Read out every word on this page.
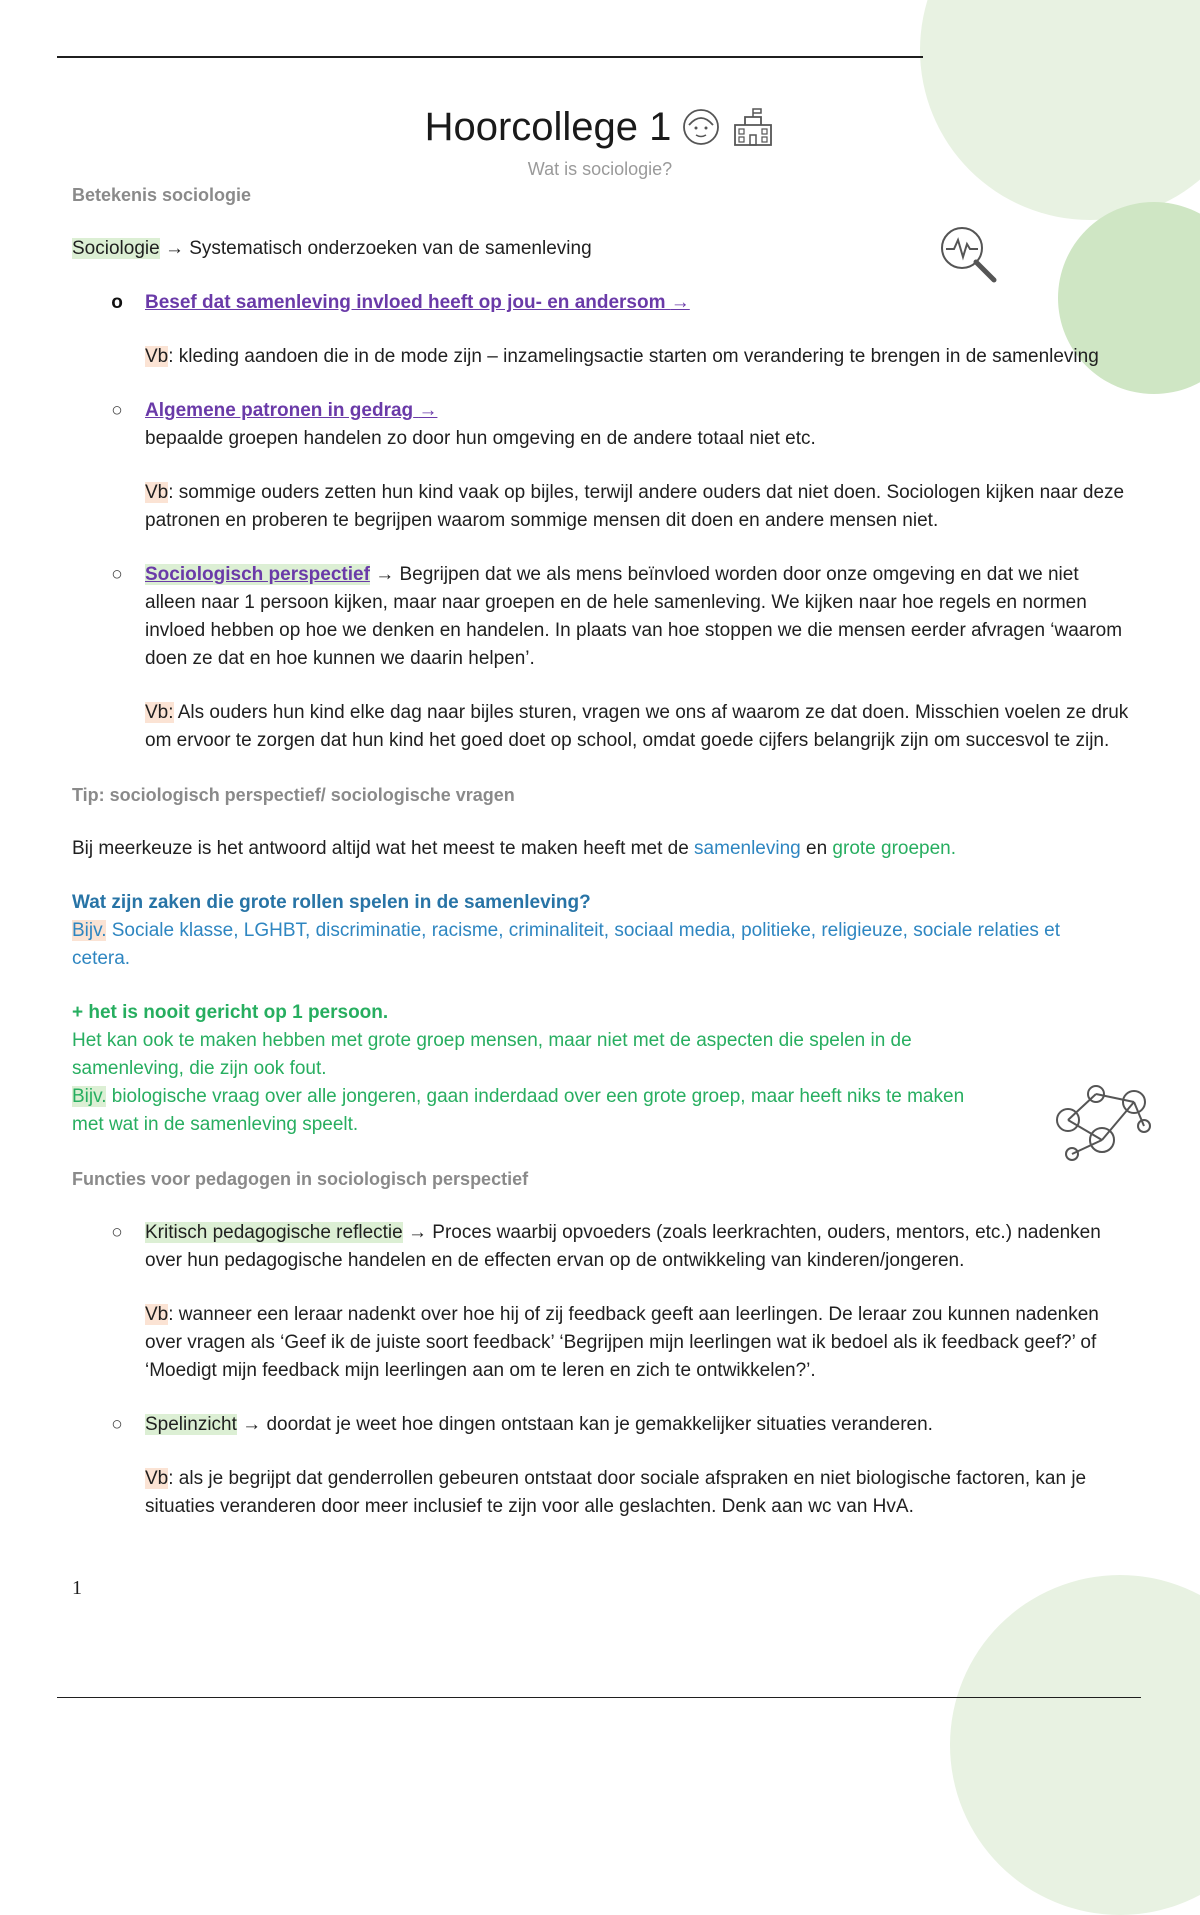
Hoorcollege 1
Wat is sociologie?

Betekenis sociologie

Sociologie → Systematisch onderzoeken van de samenleving

o Besef dat samenleving invloed heeft op jou- en andersom →

Vb: kleding aandoen die in de mode zijn – inzamelingsactie starten om verandering te brengen in de samenleving

○ Algemene patronen in gedrag →
bepaalde groepen handelen zo door hun omgeving en de andere totaal niet etc.

Vb: sommige ouders zetten hun kind vaak op bijles, terwijl andere ouders dat niet doen. Sociologen kijken naar deze patronen en proberen te begrijpen waarom sommige mensen dit doen en andere mensen niet.

○ Sociologisch perspectief → Begrijpen dat we als mens beïnvloed worden door onze omgeving en dat we niet alleen naar 1 persoon kijken, maar naar groepen en de hele samenleving. We kijken naar hoe regels en normen invloed hebben op hoe we denken en handelen. In plaats van hoe stoppen we die mensen eerder afvragen ‘waarom doen ze dat en hoe kunnen we daarin helpen’.

Vb: Als ouders hun kind elke dag naar bijles sturen, vragen we ons af waarom ze dat doen. Misschien voelen ze druk om ervoor te zorgen dat hun kind het goed doet op school, omdat goede cijfers belangrijk zijn om succesvol te zijn.

Tip: sociologisch perspectief/ sociologische vragen

Bij meerkeuze is het antwoord altijd wat het meest te maken heeft met de samenleving en grote groepen.

Wat zijn zaken die grote rollen spelen in de samenleving?

Bijv. Sociale klasse, LGHBT, discriminatie, racisme, criminaliteit, sociaal media, politieke, religieuze, sociale relaties et cetera.

+ het is nooit gericht op 1 persoon.

Het kan ook te maken hebben met grote groep mensen, maar niet met de aspecten die spelen in de samenleving, die zijn ook fout.

Bijv. biologische vraag over alle jongeren, gaan inderdaad over een grote groep, maar heeft niks te maken met wat in de samenleving speelt.

Functies voor pedagogen in sociologisch perspectief

○ Kritisch pedagogische reflectie → Proces waarbij opvoeders (zoals leerkrachten, ouders, mentors, etc.) nadenken over hun pedagogische handelen en de effecten ervan op de ontwikkeling van kinderen/jongeren.

Vb: wanneer een leraar nadenkt over hoe hij of zij feedback geeft aan leerlingen. De leraar zou kunnen nadenken over vragen als ‘Geef ik de juiste soort feedback’ ‘Begrijpen mijn leerlingen wat ik bedoel als ik feedback geef?’ of ‘Moedigt mijn feedback mijn leerlingen aan om te leren en zich te ontwikkelen?’.

○ Spelinzicht → doordat je weet hoe dingen ontstaan kan je gemakkelijker situaties veranderen.

Vb: als je begrijpt dat genderrollen gebeuren ontstaat door sociale afspraken en niet biologische factoren, kan je situaties veranderen door meer inclusief te zijn voor alle geslachten. Denk aan wc van HvA.

1
